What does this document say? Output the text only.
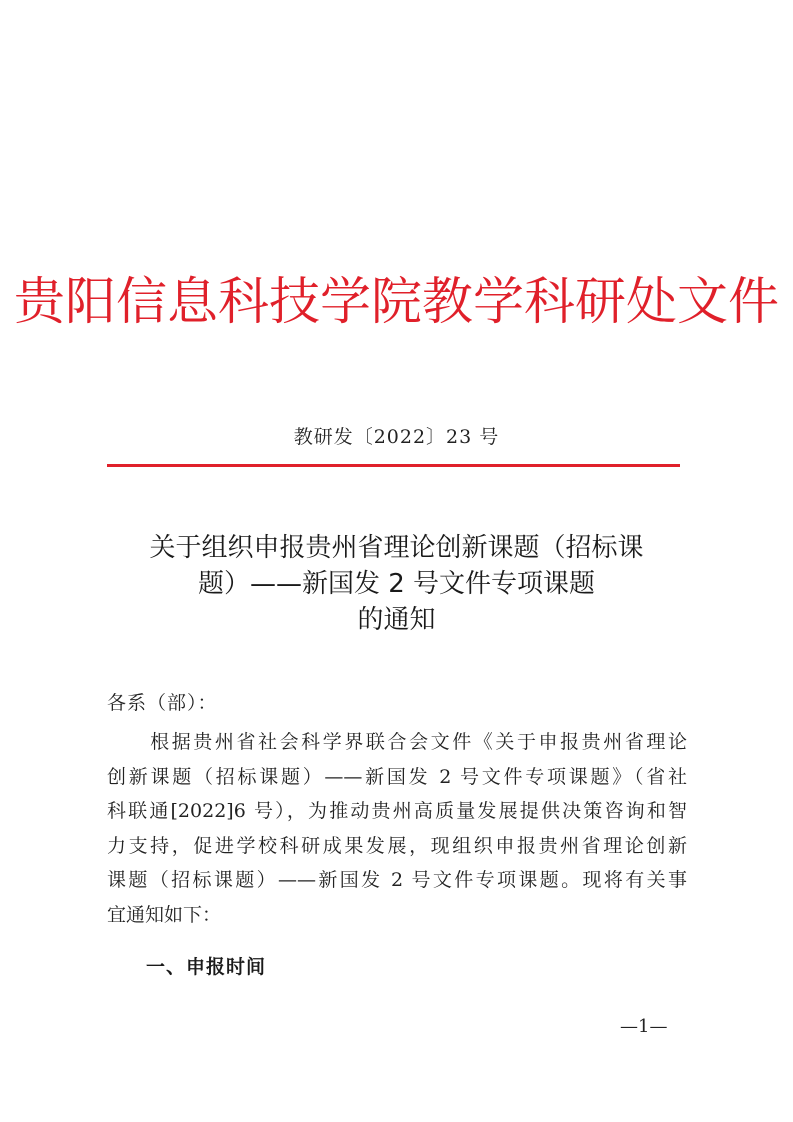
贵阳信息科技学院教学科研处文件
教研发〔2022〕23 号
关于组织申报贵州省理论创新课题（招标课
题）——新国发 2 号文件专项课题
的通知
各系（部）：
　　根据贵州省社会科学界联合会文件《关于申报贵州省理论
创新课题（招标课题）——新国发 2 号文件专项课题》（省社
科联通[2022]6 号），为推动贵州高质量发展提供决策咨询和智
力支持，促进学校科研成果发展，现组织申报贵州省理论创新
课题（招标课题）——新国发 2 号文件专项课题。现将有关事
宜通知如下：
一、申报时间
—1—
